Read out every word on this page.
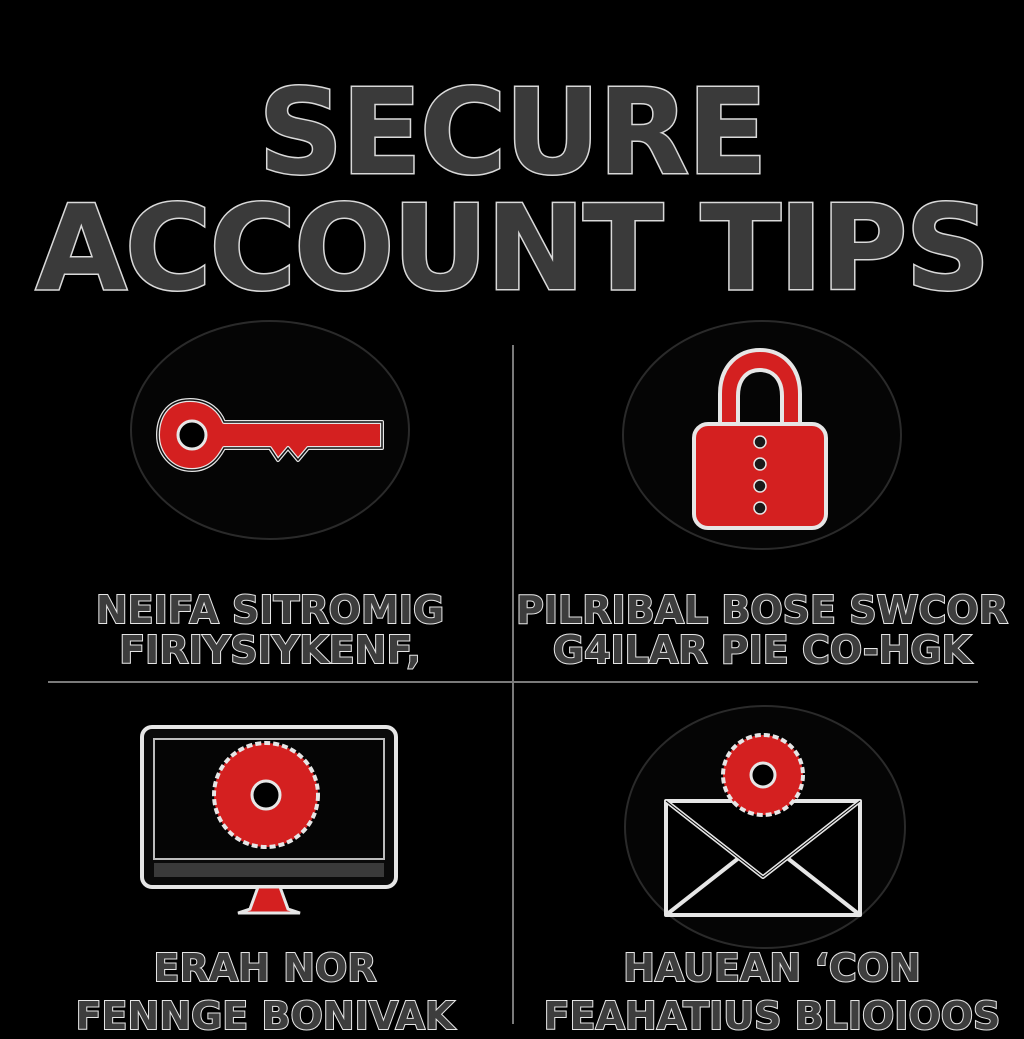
SECURE
ACCOUNT TIPS

NEIFA SITROMIG

FIRIYSIYKENF,

PILRIBAL BOSE SWCOR

G4ILAR PIE CO-HGK

ERAH NOR

FENNGE BONIVAK

HAUEAN ‘CON

FEAHATIUS BLIOIOOS
